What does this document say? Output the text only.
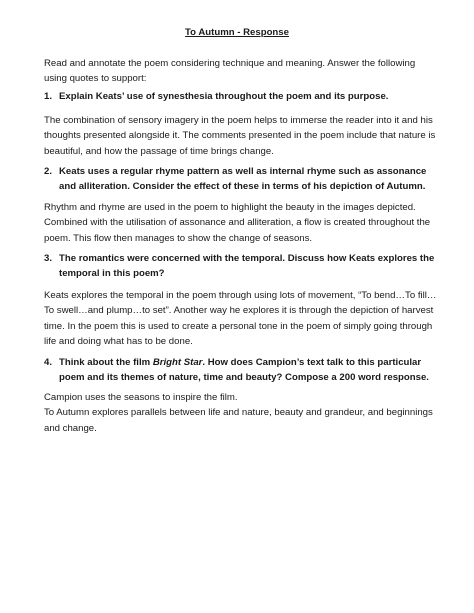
To Autumn - Response

Read and annotate the poem considering technique and meaning. Answer the following using quotes to support:

1. Explain Keats’ use of synesthesia throughout the poem and its purpose.

The combination of sensory imagery in the poem helps to immerse the reader into it and his thoughts presented alongside it. The comments presented in the poem include that nature is beautiful, and how the passage of time brings change.

2. Keats uses a regular rhyme pattern as well as internal rhyme such as assonance and alliteration. Consider the effect of these in terms of his depiction of Autumn.

Rhythm and rhyme are used in the poem to highlight the beauty in the images depicted. Combined with the utilisation of assonance and alliteration, a flow is created throughout the poem. This flow then manages to show the change of seasons.

3. The romantics were concerned with the temporal. Discuss how Keats explores the temporal in this poem?

Keats explores the temporal in the poem through using lots of movement, “To bend…To fill…To swell…and plump…to set”. Another way he explores it is through the depiction of harvest time. In the poem this is used to create a personal tone in the poem of simply going through life and doing what has to be done.

4. Think about the film Bright Star. How does Campion’s text talk to this particular poem and its themes of nature, time and beauty? Compose a 200 word response.

Campion uses the seasons to inspire the film.

To Autumn explores parallels between life and nature, beauty and grandeur, and beginnings and change.
